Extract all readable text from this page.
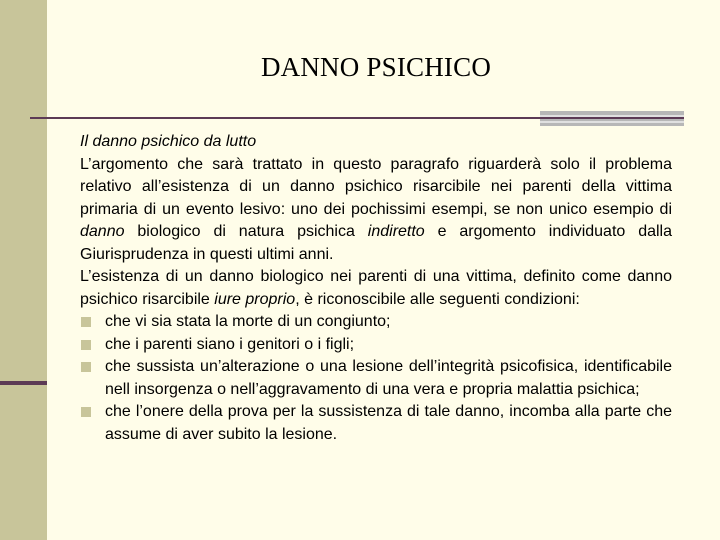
DANNO PSICHICO

Il danno psichico da lutto

L’argomento che sarà trattato in questo paragrafo riguarderà solo il problema relativo all’esistenza di un danno psichico risarcibile nei parenti della vittima primaria di un evento lesivo: uno dei pochissimi esempi, se non unico esempio di danno biologico di natura psichica indiretto e argomento individuato dalla Giurisprudenza in questi ultimi anni.

L’esistenza di un danno biologico nei parenti di una vittima, definito come danno psichico risarcibile iure proprio, è riconoscibile alle seguenti condizioni:

che vi sia stata la morte di un congiunto;
che i parenti siano i genitori o i figli;
che sussista un’alterazione o una lesione dell’integrità psicofisica, identificabile nell insorgenza o nell’aggravamento di una vera e propria malattia psichica;
che l’onere della prova per la sussistenza di tale danno, incomba alla parte che assume di aver subito la lesione.
